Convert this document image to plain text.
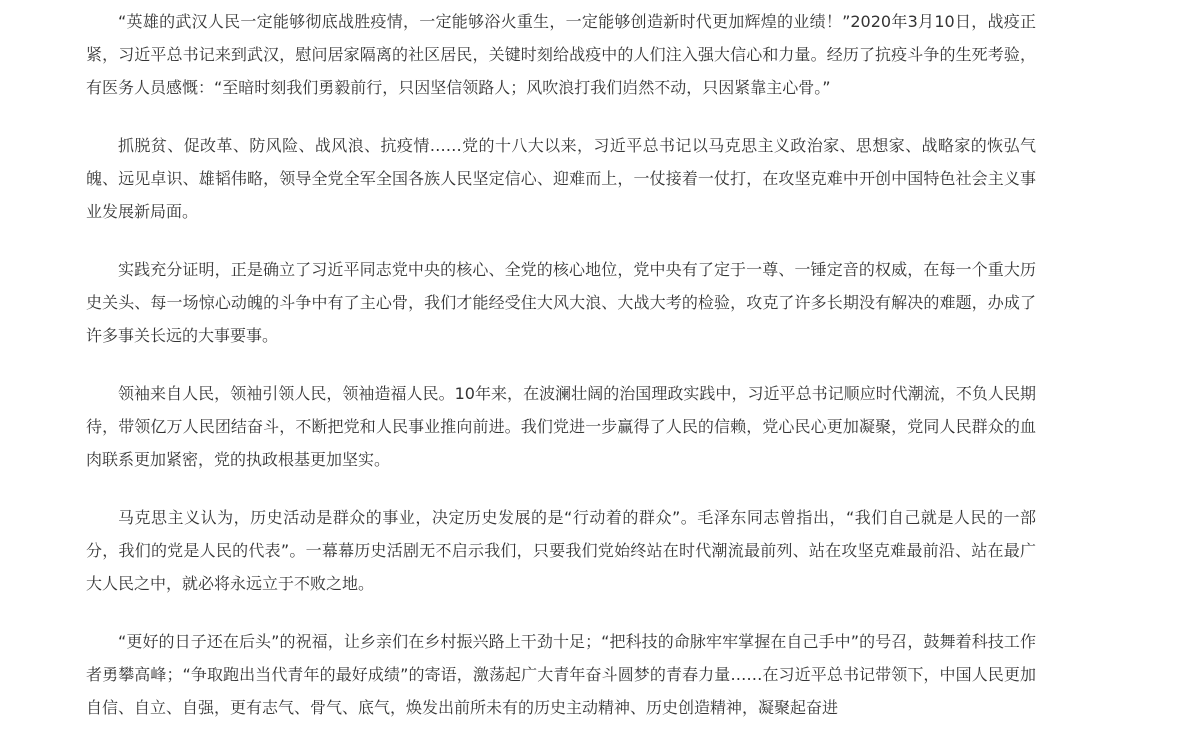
“英雄的武汉人民一定能够彻底战胜疫情，一定能够浴火重生，一定能够创造新时代更加辉煌的业绩！”2020年3月10日，战疫正紧，习近平总书记来到武汉，慰问居家隔离的社区居民，关键时刻给战疫中的人们注入强大信心和力量。经历了抗疫斗争的生死考验，有医务人员感慨：“至暗时刻我们勇毅前行，只因坚信领路人；风吹浪打我们岿然不动，只因紧靠主心骨。”

抓脱贫、促改革、防风险、战风浪、抗疫情……党的十八大以来，习近平总书记以马克思主义政治家、思想家、战略家的恢弘气魄、远见卓识、雄韬伟略，领导全党全军全国各族人民坚定信心、迎难而上，一仗接着一仗打，在攻坚克难中开创中国特色社会主义事业发展新局面。

实践充分证明，正是确立了习近平同志党中央的核心、全党的核心地位，党中央有了定于一尊、一锤定音的权威，在每一个重大历史关头、每一场惊心动魄的斗争中有了主心骨，我们才能经受住大风大浪、大战大考的检验，攻克了许多长期没有解决的难题，办成了许多事关长远的大事要事。

领袖来自人民，领袖引领人民，领袖造福人民。10年来，在波澜壮阔的治国理政实践中，习近平总书记顺应时代潮流，不负人民期待，带领亿万人民团结奋斗，不断把党和人民事业推向前进。我们党进一步赢得了人民的信赖，党心民心更加凝聚，党同人民群众的血肉联系更加紧密，党的执政根基更加坚实。

马克思主义认为，历史活动是群众的事业，决定历史发展的是“行动着的群众”。毛泽东同志曾指出，“我们自己就是人民的一部分，我们的党是人民的代表”。一幕幕历史活剧无不启示我们，只要我们党始终站在时代潮流最前列、站在攻坚克难最前沿、站在最广大人民之中，就必将永远立于不败之地。

“更好的日子还在后头”的祝福，让乡亲们在乡村振兴路上干劲十足；“把科技的命脉牢牢掌握在自己手中”的号召，鼓舞着科技工作者勇攀高峰；“争取跑出当代青年的最好成绩”的寄语，激荡起广大青年奋斗圆梦的青春力量……在习近平总书记带领下，中国人民更加自信、自立、自强，更有志气、骨气、底气，焕发出前所未有的历史主动精神、历史创造精神，凝聚起奋进
